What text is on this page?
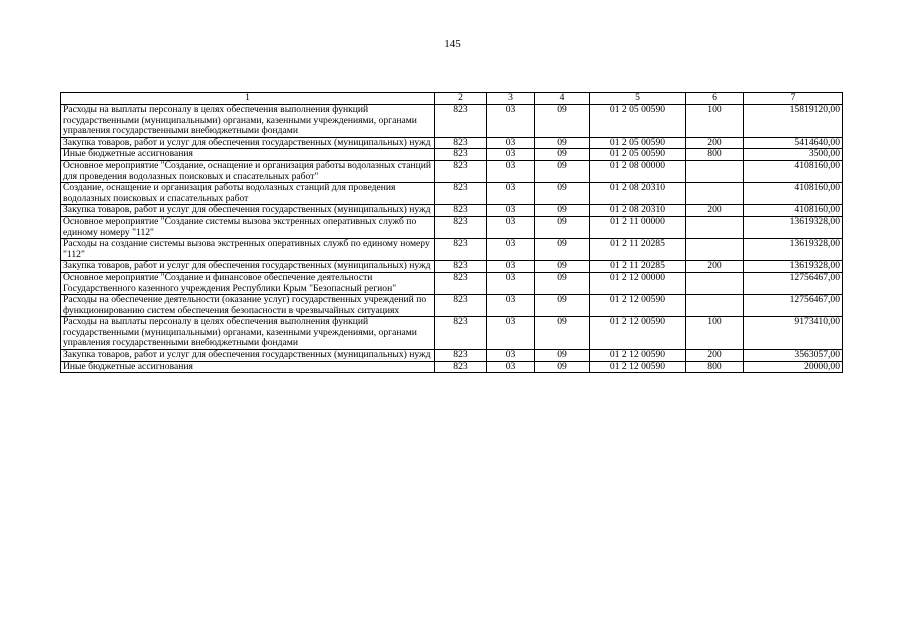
145
1	2	3	4	5	6	7
Расходы на выплаты персоналу в целях обеспечения выполнения функций государственными (муниципальными) органами, казенными учреждениями, органами управления государственными внебюджетными фондами	823	03	09	01 2 05 00590	100	15819120,00
Закупка товаров, работ и услуг для обеспечения государственных (муниципальных) нужд	823	03	09	01 2 05 00590	200	5414640,00
Иные бюджетные ассигнования	823	03	09	01 2 05 00590	800	3500,00
Основное мероприятие "Создание, оснащение и организация работы водолазных станций для проведения водолазных поисковых и спасательных работ"	823	03	09	01 2 08 00000		4108160,00
Создание, оснащение и организация работы водолазных станций для проведения водолазных поисковых и спасательных работ	823	03	09	01 2 08 20310		4108160,00
Закупка товаров, работ и услуг для обеспечения государственных (муниципальных) нужд	823	03	09	01 2 08 20310	200	4108160,00
Основное мероприятие "Создание системы вызова экстренных оперативных служб по единому номеру "112"	823	03	09	01 2 11 00000		13619328,00
Расходы на создание системы вызова экстренных оперативных служб по единому номеру "112"	823	03	09	01 2 11 20285		13619328,00
Закупка товаров, работ и услуг для обеспечения государственных (муниципальных) нужд	823	03	09	01 2 11 20285	200	13619328,00
Основное мероприятие "Создание и финансовое обеспечение деятельности Государственного казенного учреждения Республики Крым "Безопасный регион"	823	03	09	01 2 12 00000		12756467,00
Расходы на обеспечение деятельности (оказание услуг) государственных учреждений по функционированию систем обеспечения безопасности в чрезвычайных ситуациях	823	03	09	01 2 12 00590		12756467,00
Расходы на выплаты персоналу в целях обеспечения выполнения функций государственными (муниципальными) органами, казенными учреждениями, органами управления государственными внебюджетными фондами	823	03	09	01 2 12 00590	100	9173410,00
Закупка товаров, работ и услуг для обеспечения государственных (муниципальных) нужд	823	03	09	01 2 12 00590	200	3563057,00
Иные бюджетные ассигнования	823	03	09	01 2 12 00590	800	20000,00
